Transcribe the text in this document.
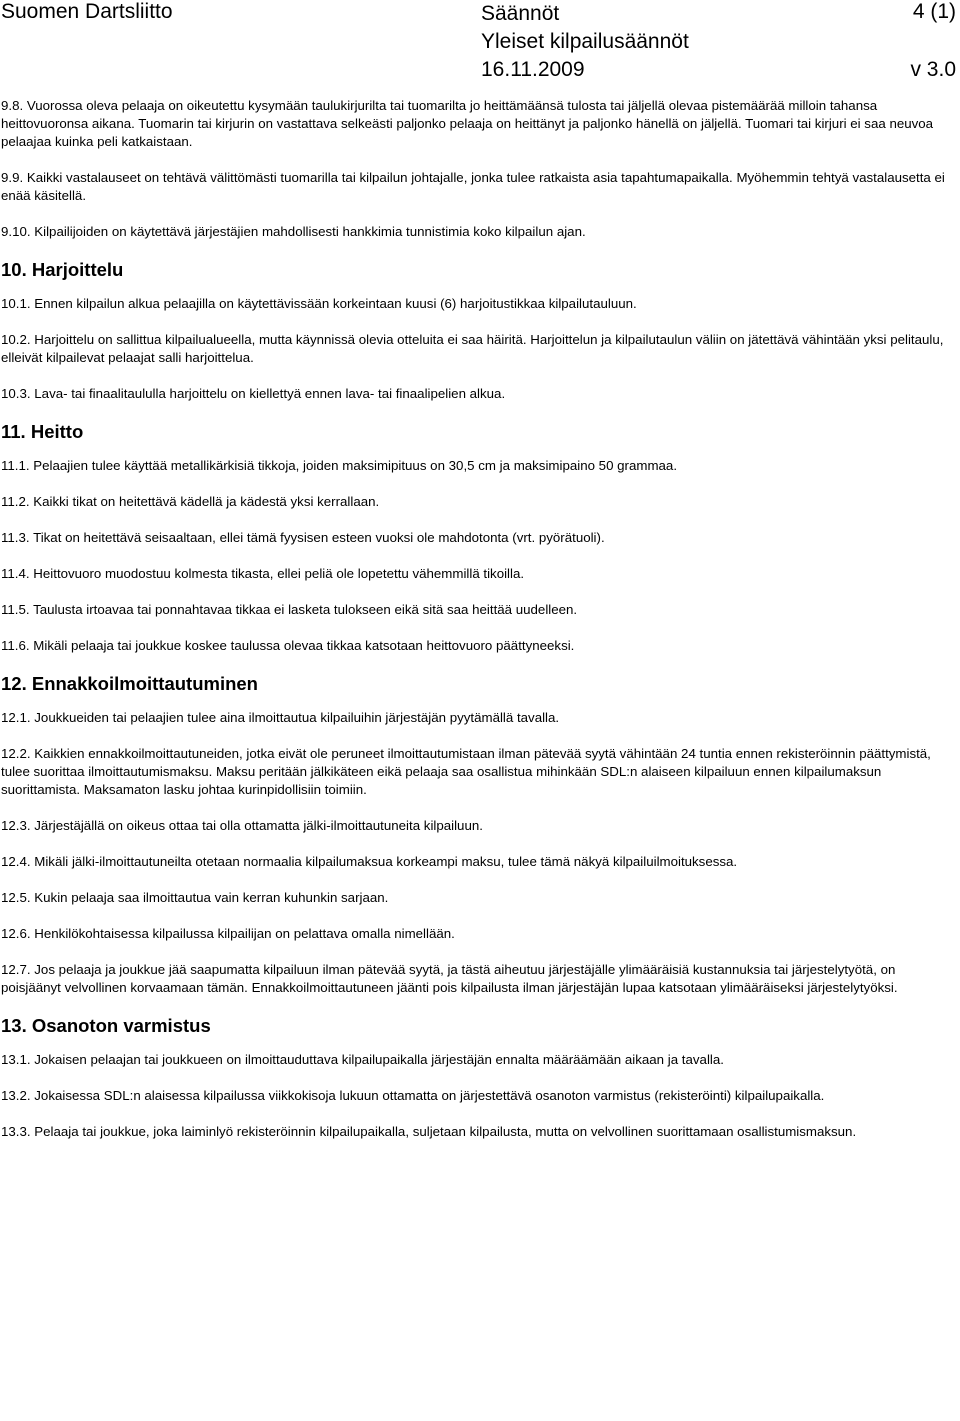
Suomen Dartsliitto	Säännöt
Yleiset kilpailusäännöt
16.11.2009
4 (1)
v 3.0

9.8. Vuorossa oleva pelaaja on oikeutettu kysymään taulukirjurilta tai tuomarilta jo heittämäänsä tulosta tai jäljellä olevaa pistemäärää milloin tahansa heittovuoronsa aikana. Tuomarin tai kirjurin on vastattava selkeästi paljonko pelaaja on heittänyt ja paljonko hänellä on jäljellä. Tuomari tai kirjuri ei saa neuvoa pelaajaa kuinka peli katkaistaan.

9.9. Kaikki vastalauseet on tehtävä välittömästi tuomarilla tai kilpailun johtajalle, jonka tulee ratkaista asia tapahtumapaikalla. Myöhemmin tehtyä vastalausetta ei enää käsitellä.

9.10. Kilpailijoiden on käytettävä järjestäjien mahdollisesti hankkimia tunnistimia koko kilpailun ajan.

10. Harjoittelu

10.1. Ennen kilpailun alkua pelaajilla on käytettävissään korkeintaan kuusi (6) harjoitustikkaa kilpailutauluun.

10.2. Harjoittelu on sallittua kilpailualueella, mutta käynnissä olevia otteluita ei saa häiritä. Harjoittelun ja kilpailutaulun väliin on jätettävä vähintään yksi pelitaulu, elleivät kilpailevat pelaajat salli harjoittelua.

10.3. Lava- tai finaalitaululla harjoittelu on kiellettyä ennen lava- tai finaalipelien alkua.

11. Heitto

11.1. Pelaajien tulee käyttää metallikärkisiä tikkoja, joiden maksimipituus on 30,5 cm ja maksimipaino 50 grammaa.

11.2. Kaikki tikat on heitettävä kädellä ja kädestä yksi kerrallaan.

11.3. Tikat on heitettävä seisaaltaan, ellei tämä fyysisen esteen vuoksi ole mahdotonta (vrt. pyörätuoli).

11.4. Heittovuoro muodostuu kolmesta tikasta, ellei peliä ole lopetettu vähemmillä tikoilla.

11.5. Taulusta irtoavaa tai ponnahtavaa tikkaa ei lasketa tulokseen eikä sitä saa heittää uudelleen.

11.6. Mikäli pelaaja tai joukkue koskee taulussa olevaa tikkaa katsotaan heittovuoro päättyneeksi.

12. Ennakkoilmoittautuminen

12.1. Joukkueiden tai pelaajien tulee aina ilmoittautua kilpailuihin järjestäjän pyytämällä tavalla.

12.2. Kaikkien ennakkoilmoittautuneiden, jotka eivät ole peruneet ilmoittautumistaan ilman pätevää syytä vähintään 24 tuntia ennen rekisteröinnin päättymistä, tulee suorittaa ilmoittautumismaksu. Maksu peritään jälkikäteen eikä pelaaja saa osallistua mihinkään SDL:n alaiseen kilpailuun ennen kilpailumaksun suorittamista. Maksamaton lasku johtaa kurinpidollisiin toimiin.

12.3. Järjestäjällä on oikeus ottaa tai olla ottamatta jälki-ilmoittautuneita kilpailuun.

12.4. Mikäli jälki-ilmoittautuneilta otetaan normaalia kilpailumaksua korkeampi maksu, tulee tämä näkyä kilpailuilmoituksessa.

12.5. Kukin pelaaja saa ilmoittautua vain kerran kuhunkin sarjaan.

12.6. Henkilökohtaisessa kilpailussa kilpailijan on pelattava omalla nimellään.

12.7. Jos pelaaja ja joukkue jää saapumatta kilpailuun ilman pätevää syytä, ja tästä aiheutuu järjestäjälle ylimääräisiä kustannuksia tai järjestelytyötä, on poisjäänyt velvollinen korvaamaan tämän. Ennakkoilmoittautuneen jäänti pois kilpailusta ilman järjestäjän lupaa katsotaan ylimääräiseksi järjestelytyöksi.

13. Osanoton varmistus

13.1. Jokaisen pelaajan tai joukkueen on ilmoittauduttava kilpailupaikalla järjestäjän ennalta määräämään aikaan ja tavalla.

13.2. Jokaisessa SDL:n alaisessa kilpailussa viikkokisoja lukuun ottamatta on järjestettävä osanoton varmistus (rekisteröinti) kilpailupaikalla.

13.3. Pelaaja tai joukkue, joka laiminlyö rekisteröinnin kilpailupaikalla, suljetaan kilpailusta, mutta on velvollinen suorittamaan osallistumismaksun.
